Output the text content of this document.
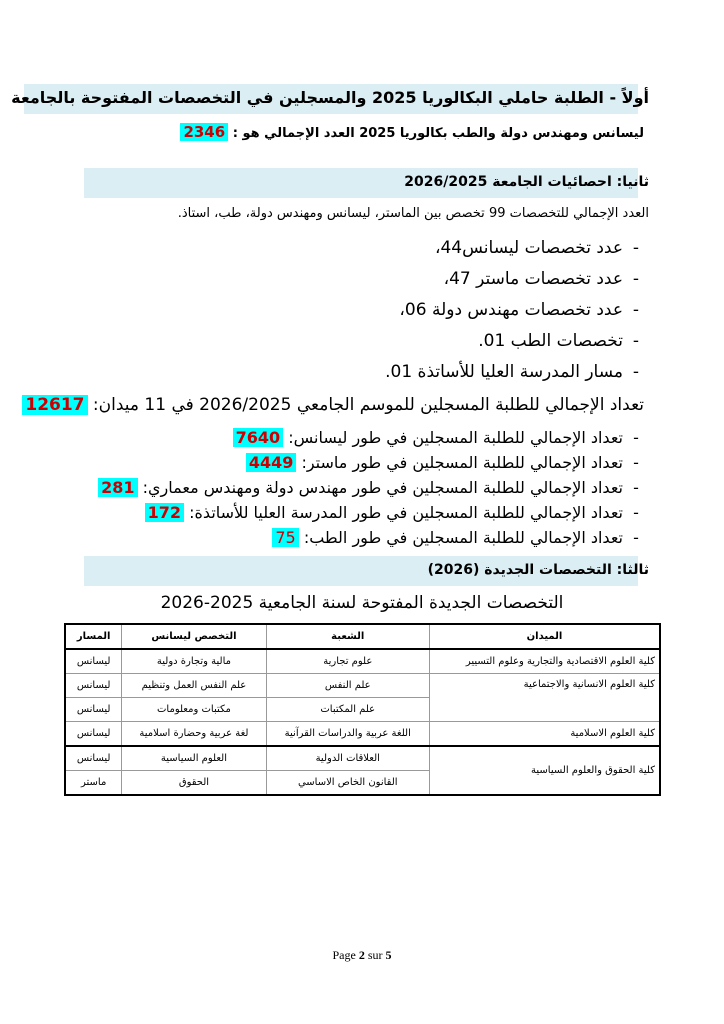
أولاً - الطلبة حاملي البكالوريا 2025 والمسجلين في التخصصات المفتوحة بالجامعة
ليسانس ومهندس دولة والطب بكالوريا 2025 العدد الإجمالي هو : 2346
ثانيا: احصائيات الجامعة 2026/2025
العدد الإجمالي للتخصصات 99 تخصص بين الماستر، ليسانس ومهندس دولة، طب، استاذ.
-عدد تخصصات ليسانس44،
-عدد تخصصات ماستر 47،
-عدد تخصصات مهندس دولة 06،
-تخصصات الطب 01.
-مسار المدرسة العليا للأساتذة 01.
تعداد الإجمالي للطلبة المسجلين للموسم الجامعي 2026/2025 في 11 ميدان: 12617
-تعداد الإجمالي للطلبة المسجلين في طور ليسانس: 7640
-تعداد الإجمالي للطلبة المسجلين في طور ماستر: 4449
-تعداد الإجمالي للطلبة المسجلين في طور مهندس دولة ومهندس معماري: 281
-تعداد الإجمالي للطلبة المسجلين في طور المدرسة العليا للأساتذة: 172
-تعداد الإجمالي للطلبة المسجلين في طور الطب: 75
ثالثا: التخصصات الجديدة (2026)
التخصصات الجديدة المفتوحة لسنة الجامعية 2025-2026
الميدان	الشعبة	التخصص ليسانس	المسار
كلية العلوم الاقتصادية والتجارية وعلوم التسيير	علوم تجارية	مالية وتجارة دولية	ليسانس
كلية العلوم الانسانية والاجتماعية	علم النفس	علم النفس العمل وتنظيم	ليسانس
	علم المكتبات	مكتبات ومعلومات	ليسانس
كلية العلوم الاسلامية	اللغة عربية والدراسات القرآنية	لغة عربية وحضارة اسلامية	ليسانس
كلية الحقوق والعلوم السياسية	العلاقات الدولية	العلوم السياسية	ليسانس
	القانون الخاص الاساسي	الحقوق	ماستر
Page 2 sur 5
